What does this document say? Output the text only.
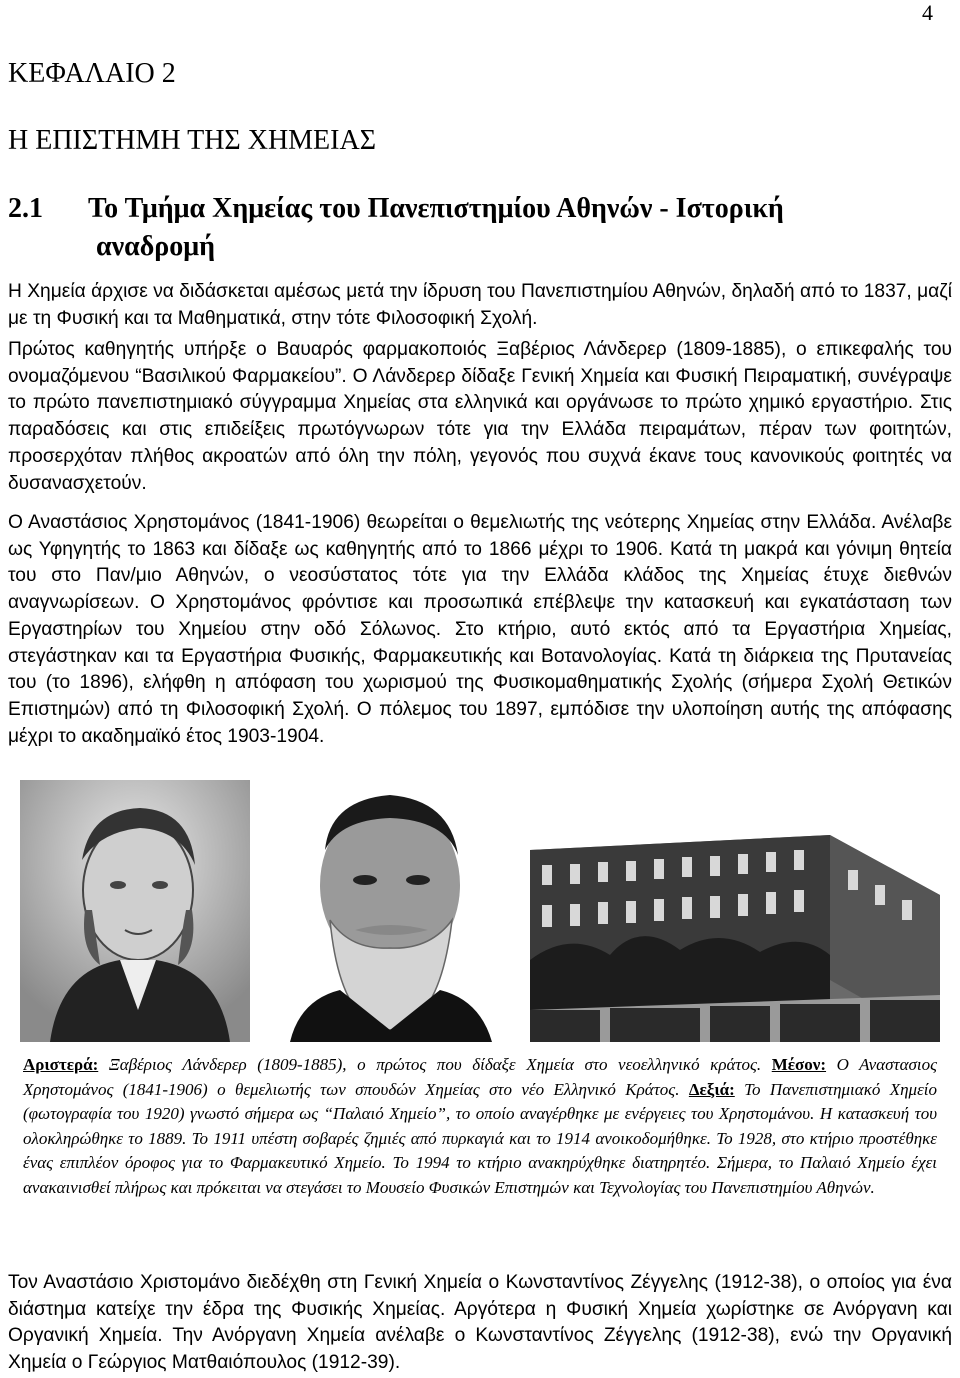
4
ΚΕΦΑΛΑΙΟ 2
Η ΕΠΙΣΤΗΜΗ ΤΗΣ ΧΗΜΕΙΑΣ
2.1 Το Τμήμα Χημείας του Πανεπιστημίου Αθηνών - Ιστορική
αναδρομή

Η Χημεία άρχισε να διδάσκεται αμέσως μετά την ίδρυση του Πανεπιστημίου Αθηνών, δηλαδή από το 1837, μαζί με τη Φυσική και τα Μαθηματικά, στην τότε Φιλοσοφική Σχολή.

Πρώτος καθηγητής υπήρξε ο Βαυαρός φαρμακοποιός Ξαβέριος Λάνδερερ (1809-1885), ο επικεφαλής του ονομαζόμενου “Βασιλικού Φαρμακείου”. Ο Λάνδερερ δίδαξε Γενική Χημεία και Φυσική Πειραματική, συνέγραψε το πρώτο πανεπιστημιακό σύγγραμμα Χημείας στα ελληνικά και οργάνωσε το πρώτο χημικό εργαστήριο. Στις παραδόσεις και στις επιδείξεις πρωτόγνωρων τότε για την Ελλάδα πειραμάτων, πέραν των φοιτητών, προσερχόταν πλήθος ακροατών από όλη την πόλη, γεγονός που συχνά έκανε τους κανονικούς φοιτητές να δυσανασχετούν.

Ο Αναστάσιος Χρηστομάνος (1841-1906) θεωρείται ο θεμελιωτής της νεότερης Χημείας στην Ελλάδα. Ανέλαβε ως Υφηγητής το 1863 και δίδαξε ως καθηγητής από το 1866 μέχρι το 1906. Κατά τη μακρά και γόνιμη θητεία του στο Παν/μιο Αθηνών, ο νεοσύστατος τότε για την Ελλάδα κλάδος της Χημείας έτυχε διεθνών αναγνωρίσεων. Ο Χρηστομάνος φρόντισε και προσωπικά επέβλεψε την κατασκευή και εγκατάσταση των Εργαστηρίων του Χημείου στην οδό Σόλωνος. Στο κτήριο, αυτό εκτός από τα Εργαστήρια Χημείας, στεγάστηκαν και τα Εργαστήρια Φυσικής, Φαρμακευτικής και Βοτανολογίας. Κατά τη διάρκεια της Πρυτανείας του (το 1896), ελήφθη η απόφαση του χωρισμού της Φυσικομαθηματικής Σχολής (σήμερα Σχολή Θετικών Επιστημών) από τη Φιλοσοφική Σχολή. Ο πόλεμος του 1897, εμπόδισε την υλοποίηση αυτής της απόφασης μέχρι το ακαδημαϊκό έτος 1903-1904.

Αριστερά: Ξαβέριος Λάνδερερ (1809-1885), ο πρώτος που δίδαξε Χημεία στο νεοελληνικό κράτος. Μέσον: Ο Αναστασιος Χρηστομάνος (1841-1906) ο θεμελιωτής των σπουδών Χημείας στο νέο Ελληνικό Κράτος. Δεξιά: Το Πανεπιστημιακό Χημείο (φωτογραφία του 1920) γνωστό σήμερα ως “Παλαιό Χημείο”, το οποίο αναγέρθηκε με ενέργειες του Χρηστομάνου. Η κατασκευή του ολοκληρώθηκε το 1889. Το 1911 υπέστη σοβαρές ζημιές από πυρκαγιά και το 1914 ανοικοδομήθηκε. Το 1928, στο κτήριο προστέθηκε ένας επιπλέον όροφος για το Φαρμακευτικό Χημείο. Το 1994 το κτήριο ανακηρύχθηκε διατηρητέο. Σήμερα, το Παλαιό Χημείο έχει ανακαινισθεί πλήρως και πρόκειται να στεγάσει το Μουσείο Φυσικών Επιστημών και Τεχνολογίας του Πανεπιστημίου Αθηνών.
Τον Αναστάσιο Χριστομάνο διεδέχθη στη Γενική Χημεία ο Κωνσταντίνος Ζέγγελης (1912-38), ο οποίος για ένα διάστημα κατείχε την έδρα της Φυσικής Χημείας. Αργότερα η Φυσική Χημεία χωρίστηκε σε Ανόργανη και Οργανική Χημεία. Την Ανόργανη Χημεία ανέλαβε ο Κωνσταντίνος Ζέγγελης (1912-38), ενώ την Οργανική Χημεία ο Γεώργιος Ματθαιόπουλος (1912-39).
